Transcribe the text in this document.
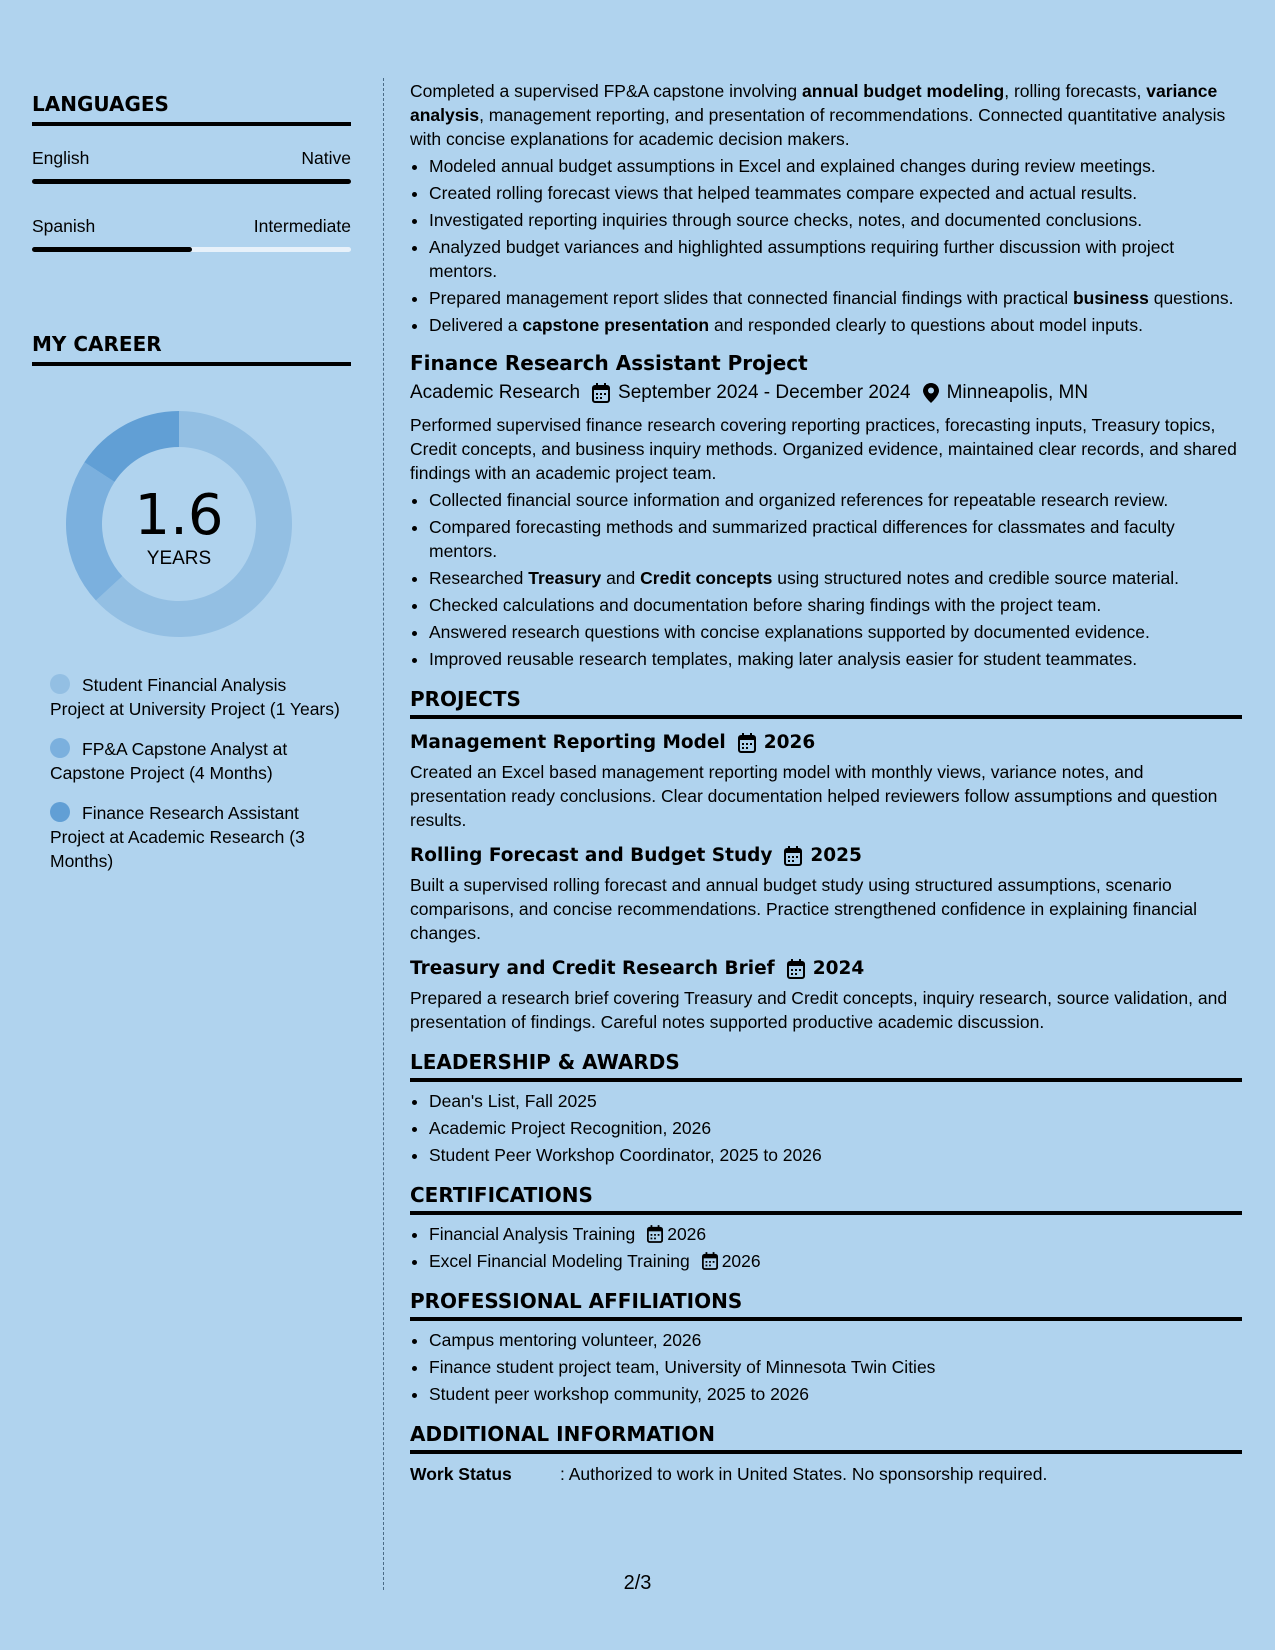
LANGUAGES
English	Native
Spanish	Intermediate
MY CAREER
1.6
YEARS
Student Financial Analysis Project at University Project (1 Years)
FP&A Capstone Analyst at Capstone Project (4 Months)
Finance Research Assistant Project at Academic Research (3 Months)

Completed a supervised FP&A capstone involving annual budget modeling, rolling forecasts, variance analysis, management reporting, and presentation of recommendations. Connected quantitative analysis with concise explanations for academic decision makers.

• Modeled annual budget assumptions in Excel and explained changes during review meetings.
• Created rolling forecast views that helped teammates compare expected and actual results.
• Investigated reporting inquiries through source checks, notes, and documented conclusions.
• Analyzed budget variances and highlighted assumptions requiring further discussion with project mentors.
• Prepared management report slides that connected financial findings with practical business questions.
• Delivered a capstone presentation and responded clearly to questions about model inputs.
Finance Research Assistant Project
Academic Research September 2024 - December 2024 Minneapolis, MN

Performed supervised finance research covering reporting practices, forecasting inputs, Treasury topics, Credit concepts, and business inquiry methods. Organized evidence, maintained clear records, and shared findings with an academic project team.

• Collected financial source information and organized references for repeatable research review.
• Compared forecasting methods and summarized practical differences for classmates and faculty mentors.
• Researched Treasury and Credit concepts using structured notes and credible source material.
• Checked calculations and documentation before sharing findings with the project team.
• Answered research questions with concise explanations supported by documented evidence.
• Improved reusable research templates, making later analysis easier for student teammates.
PROJECTS
Management Reporting Model 2026

Created an Excel based management reporting model with monthly views, variance notes, and presentation ready conclusions. Clear documentation helped reviewers follow assumptions and question results.

Rolling Forecast and Budget Study 2025

Built a supervised rolling forecast and annual budget study using structured assumptions, scenario comparisons, and concise recommendations. Practice strengthened confidence in explaining financial changes.

Treasury and Credit Research Brief 2024

Prepared a research brief covering Treasury and Credit concepts, inquiry research, source validation, and presentation of findings. Careful notes supported productive academic discussion.

LEADERSHIP & AWARDS
• Dean's List, Fall 2025
• Academic Project Recognition, 2026
• Student Peer Workshop Coordinator, 2025 to 2026
CERTIFICATIONS
• Financial Analysis Training 2026
• Excel Financial Modeling Training 2026
PROFESSIONAL AFFILIATIONS
• Campus mentoring volunteer, 2026
• Finance student project team, University of Minnesota Twin Cities
• Student peer workshop community, 2025 to 2026
ADDITIONAL INFORMATION
Work Status	: Authorized to work in United States. No sponsorship required.
2/3
